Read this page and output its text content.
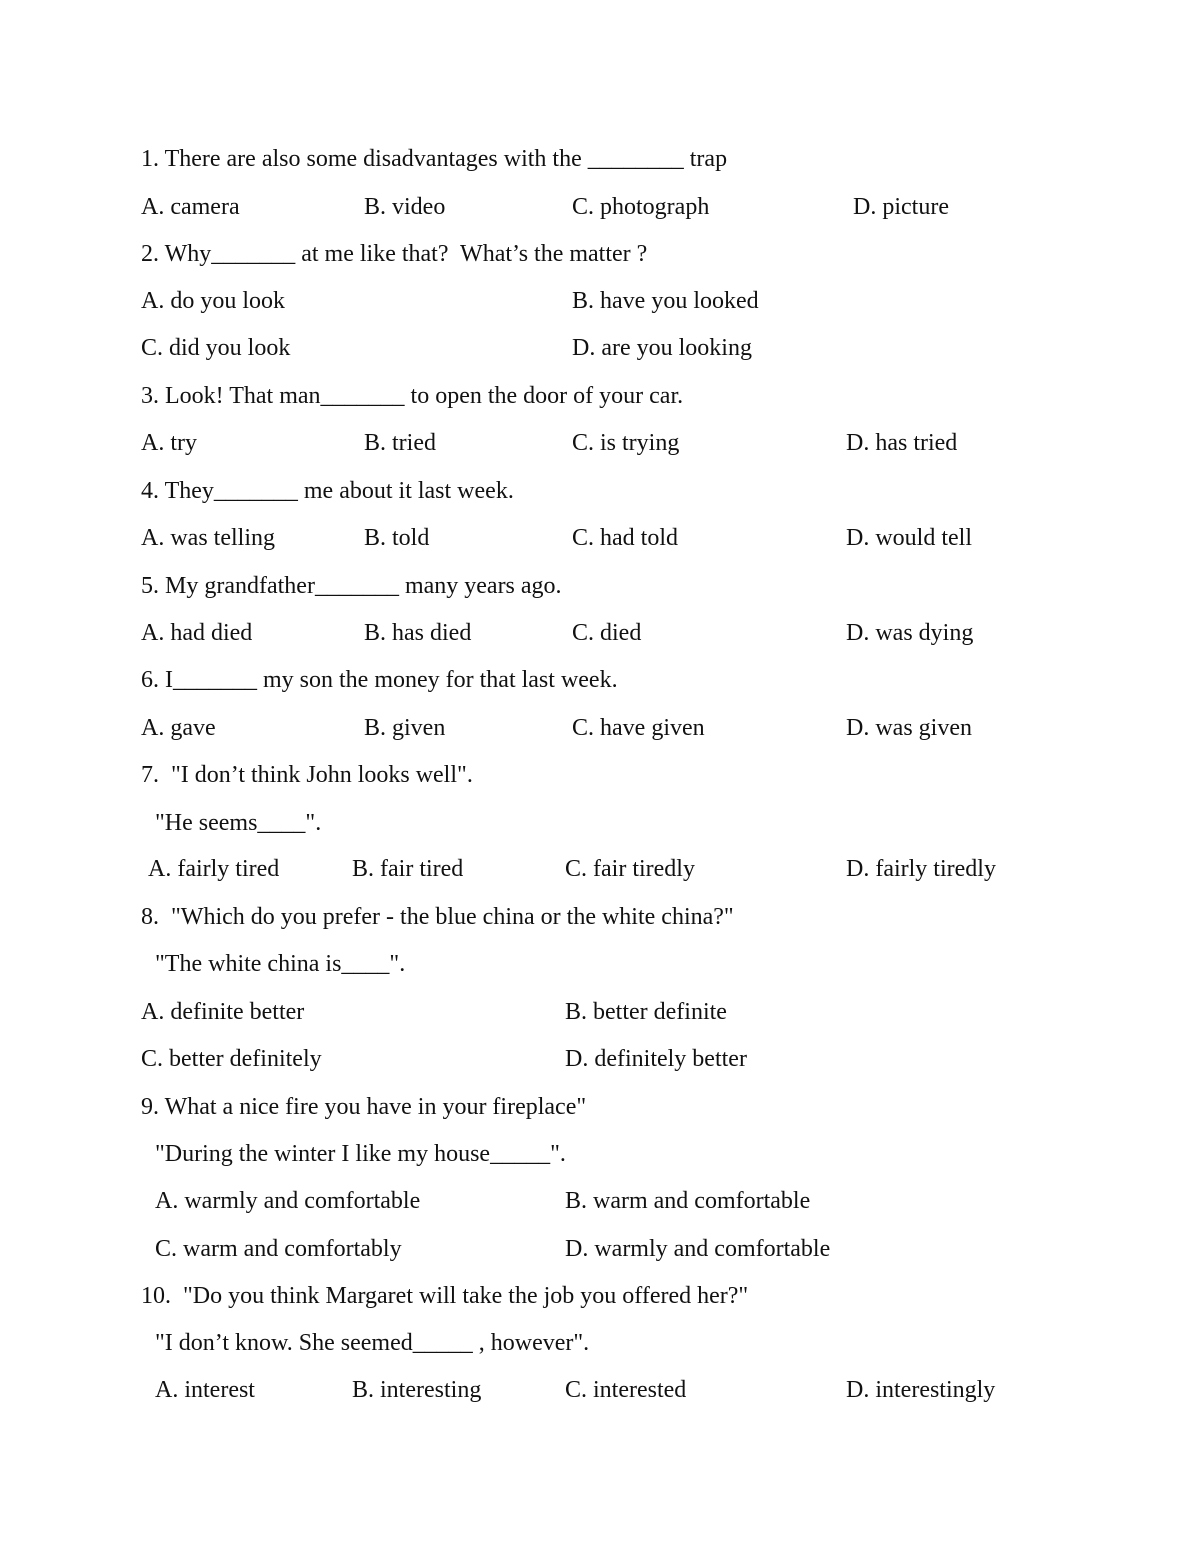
1. There are also some disadvantages with the ________ trap
A. camera	B. video	C. photograph	D. picture
2. Why_______ at me like that?  What’s the matter ?
A. do you look	B. have you looked
C. did you look	D. are you looking
3. Look! That man_______ to open the door of your car.
A. try	B. tried	C. is trying	D. has tried
4. They_______ me about it last week.
A. was telling	B. told	C. had told	D. would tell
5. My grandfather_______ many years ago.
A. had died	B. has died	C. died	D. was dying
6. I_______ my son the money for that last week.
A. gave	B. given	C. have given	D. was given
7.  "I don’t think John looks well".
"He seems____".
A. fairly tired	B. fair tired	C. fair tiredly	D. fairly tiredly
8.  "Which do you prefer - the blue china or the white china?"
"The white china is____".
A. definite better	B. better definite
C. better definitely	D. definitely better
9. What a nice fire you have in your fireplace"
"During the winter I like my house_____".
A. warmly and comfortable	B. warm and comfortable
C. warm and comfortably	D. warmly and comfortable
10.  "Do you think Margaret will take the job you offered her?"
"I don’t know. She seemed_____ , however".
A. interest	B. interesting	C. interested	D. interestingly
